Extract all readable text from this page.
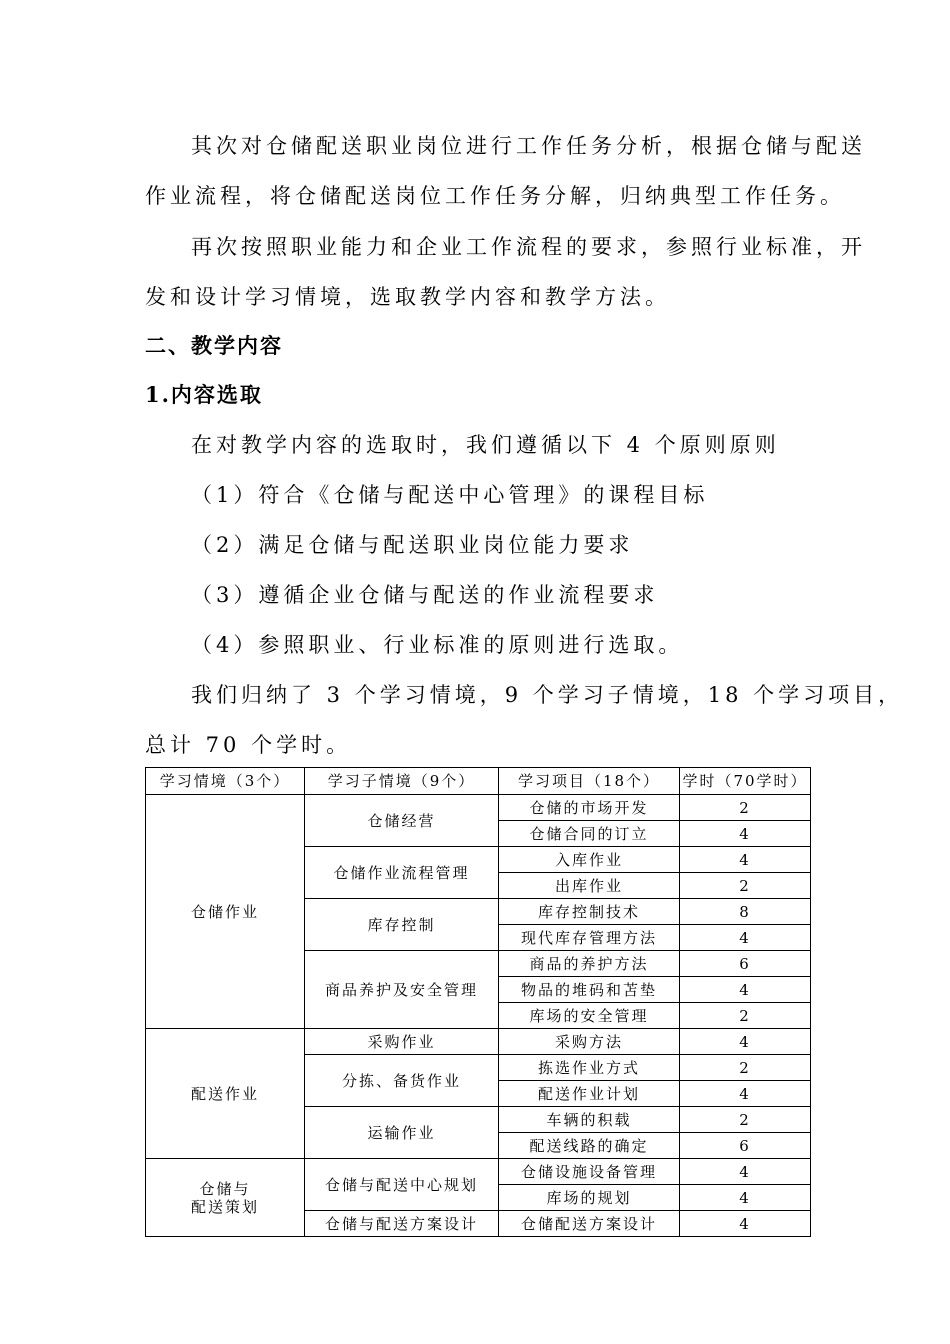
其次对仓储配送职业岗位进行工作任务分析，根据仓储与配送
作业流程，将仓储配送岗位工作任务分解，归纳典型工作任务。
再次按照职业能力和企业工作流程的要求，参照行业标准，开
发和设计学习情境，选取教学内容和教学方法。
二、教学内容
1.内容选取
在对教学内容的选取时，我们遵循以下 4 个原则原则
（1）符合《仓储与配送中心管理》的课程目标
（2）满足仓储与配送职业岗位能力要求
（3）遵循企业仓储与配送的作业流程要求
（4）参照职业、行业标准的原则进行选取。
我们归纳了 3 个学习情境，9 个学习子情境，18 个学习项目，
总计 70 个学时。
学习情境（3个）	学习子情境（9个）	学习项目（18个）	学时（70学时）
仓储作业	仓储经营	仓储的市场开发	2
		仓储合同的订立	4
	仓储作业流程管理	入库作业	4
		出库作业	2
	库存控制	库存控制技术	8
		现代库存管理方法	4
	商品养护及安全管理	商品的养护方法	6
		物品的堆码和苫垫	4
		库场的安全管理	2
配送作业	采购作业	采购方法	4
	分拣、备货作业	拣选作业方式	2
		配送作业计划	4
	运输作业	车辆的积载	2
		配送线路的确定	6

仓储与
配送策划	仓储与配送中心规划	仓储设施设备管理	4
		库场的规划	4
	仓储与配送方案设计	仓储配送方案设计	4
